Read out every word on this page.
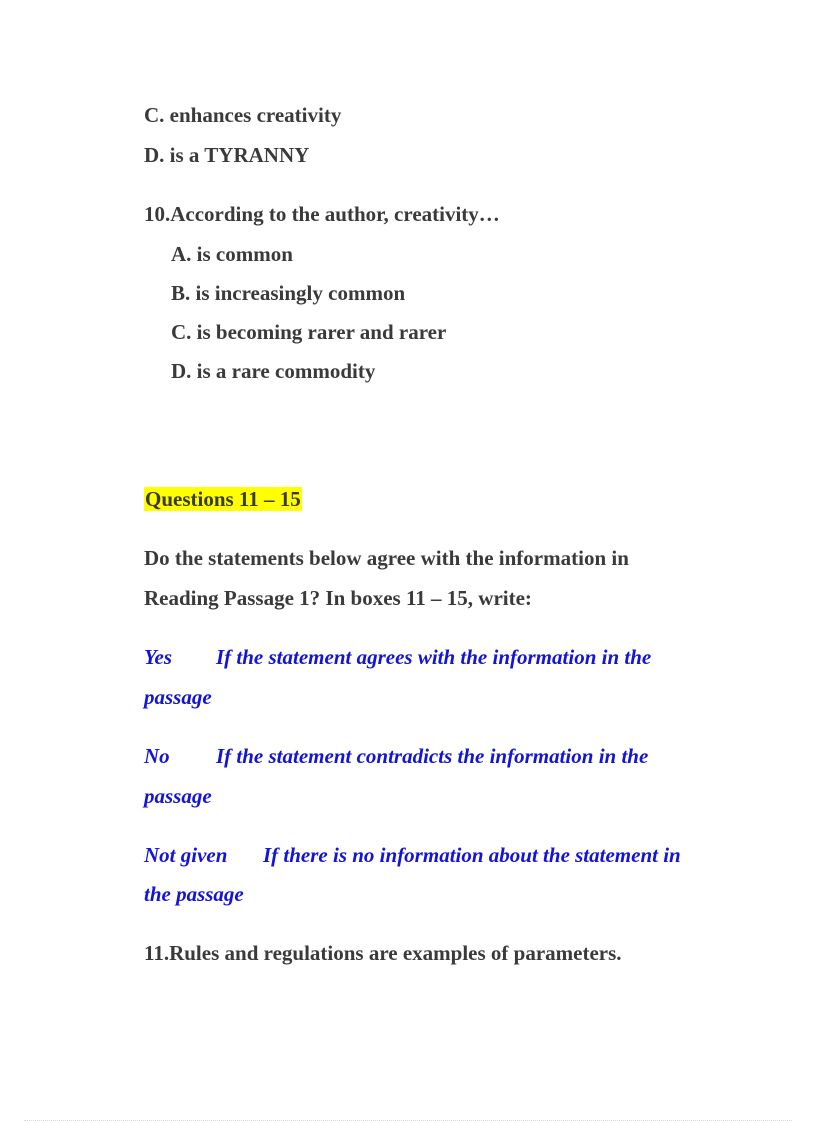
C. enhances creativity
D. is a TYRANNY
10.According to the author, creativity…
A. is common
B. is increasingly common
C. is becoming rarer and rarer
D. is a rare commodity
Questions 11 – 15
Do the statements below agree with the information in
Reading Passage 1? In boxes 11 – 15, write:
Yes If the statement agrees with the information in the
passage
No If the statement contradicts the information in the
passage
Not given If there is no information about the statement in
the passage
11.Rules and regulations are examples of parameters.
